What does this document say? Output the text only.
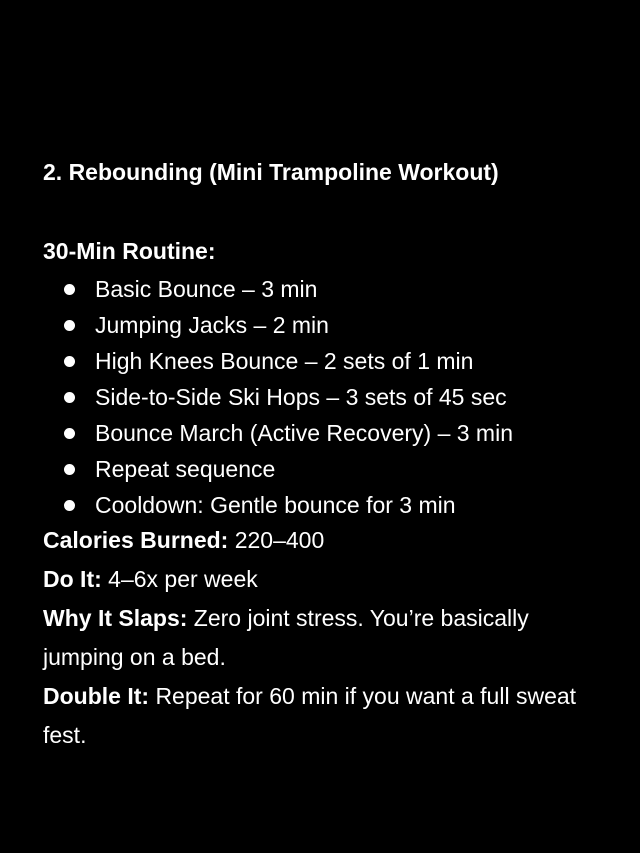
2. Rebounding (Mini Trampoline Workout)

30-Min Routine:

Basic Bounce – 3 min
Jumping Jacks – 2 min
High Knees Bounce – 2 sets of 1 min
Side-to-Side Ski Hops – 3 sets of 45 sec
Bounce March (Active Recovery) – 3 min
Repeat sequence
Cooldown: Gentle bounce for 3 min

Calories Burned: 220–400

Do It: 4–6x per week

Why It Slaps: Zero joint stress. You’re basically jumping on a bed.

Double It: Repeat for 60 min if you want a full sweat fest.
